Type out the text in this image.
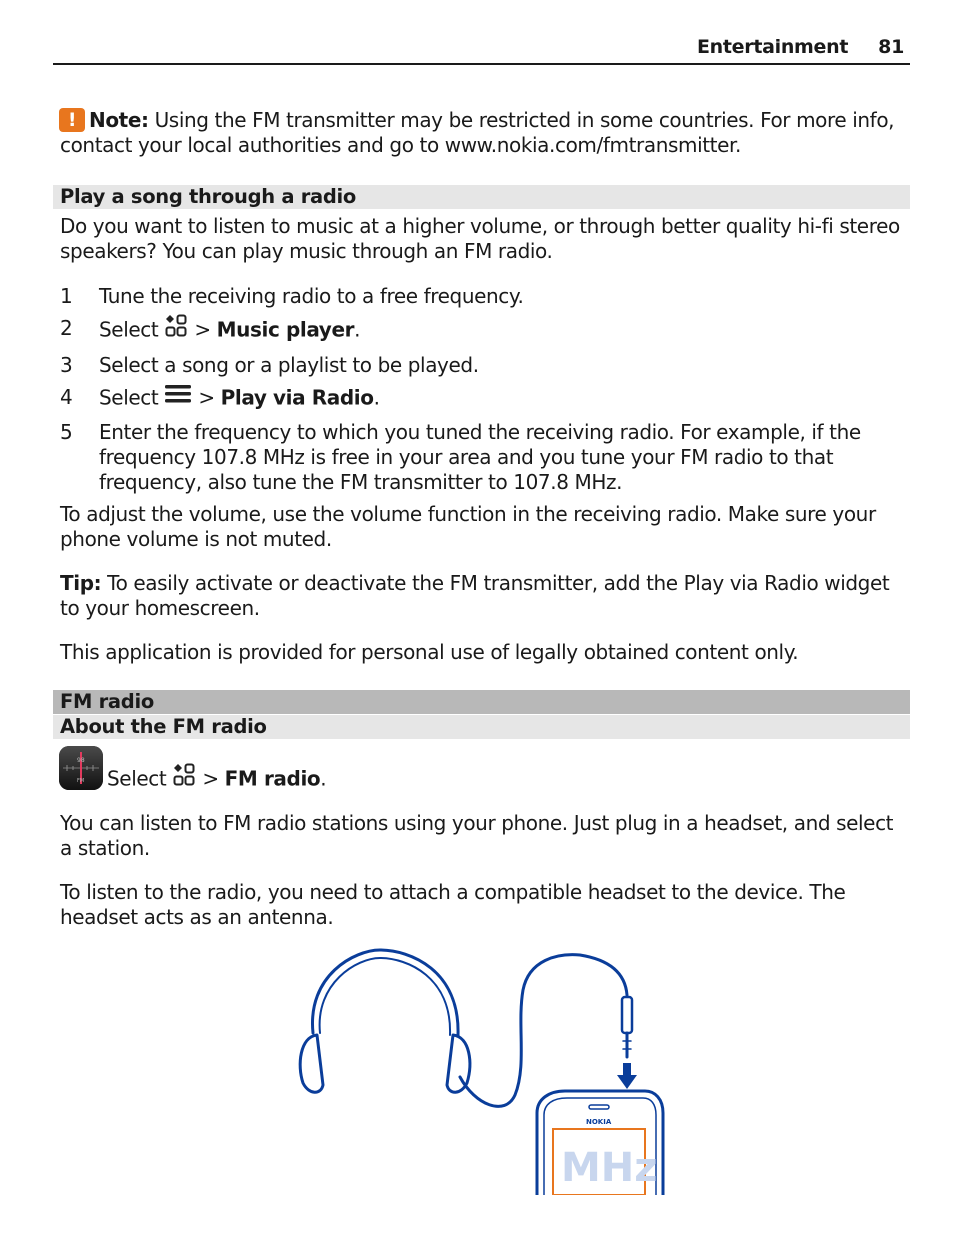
Entertainment 81
! Note: Using the FM transmitter may be restricted in some countries. For more info, contact your local authorities and go to www.nokia.com/fmtransmitter.
Play a song through a radio
Do you want to listen to music at a higher volume, or through better quality hi-fi stereo speakers? You can play music through an FM radio.
1	Tune the receiving radio to a free frequency.
2	Select > Music player.
3	Select a song or a playlist to be played.
4	Select > Play via Radio.
5	Enter the frequency to which you tuned the receiving radio. For example, if the frequency 107.8 MHz is free in your area and you tune your FM radio to that frequency, also tune the FM transmitter to 107.8 MHz.
To adjust the volume, use the volume function in the receiving radio. Make sure your phone volume is not muted.
Tip: To easily activate or deactivate the FM transmitter, add the Play via Radio widget to your homescreen.
This application is provided for personal use of legally obtained content only.
FM radio
About the FM radio
98
FM Select > FM radio.
You can listen to FM radio stations using your phone. Just plug in a headset, and select a station.
To listen to the radio, you need to attach a compatible headset to the device. The headset acts as an antenna.
NOKIA
MHz
